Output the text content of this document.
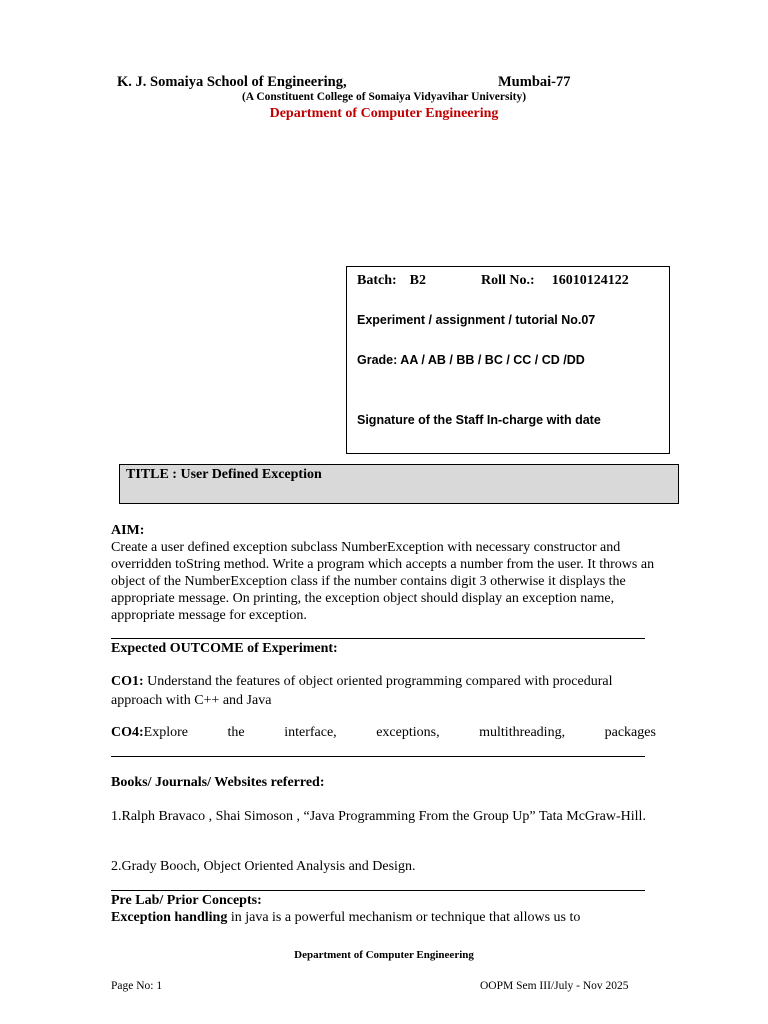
K. J. Somaiya School of Engineering,	Mumbai-77
(A Constituent College of Somaiya Vidyavihar University)
Department of Computer Engineering
Batch: B2	Roll No.: 16010124122
Experiment / assignment / tutorial No.07
Grade: AA / AB / BB / BC / CC / CD /DD
Signature of the Staff In-charge with date
TITLE : User Defined Exception
AIM:
Create a user defined exception subclass NumberException with necessary constructor and overridden toString method. Write a program which accepts a number from the user. It throws an object of the NumberException class if the number contains digit 3 otherwise it displays the appropriate message. On printing, the exception object should display an exception name, appropriate message for exception.
Expected OUTCOME of Experiment:
CO1: Understand the features of object oriented programming compared with procedural approach with C++ and Java
CO4:Explore	the	interface,	exceptions,	multithreading,	packages
Books/ Journals/ Websites referred:
1.Ralph Bravaco , Shai Simoson , “Java Programming From the Group Up” Tata McGraw-Hill.
2.Grady Booch, Object Oriented Analysis and Design.
Pre Lab/ Prior Concepts:
Exception handling in java is a powerful mechanism or technique that allows us to
Department of Computer Engineering
Page No: 1	OOPM Sem III/July - Nov 2025
